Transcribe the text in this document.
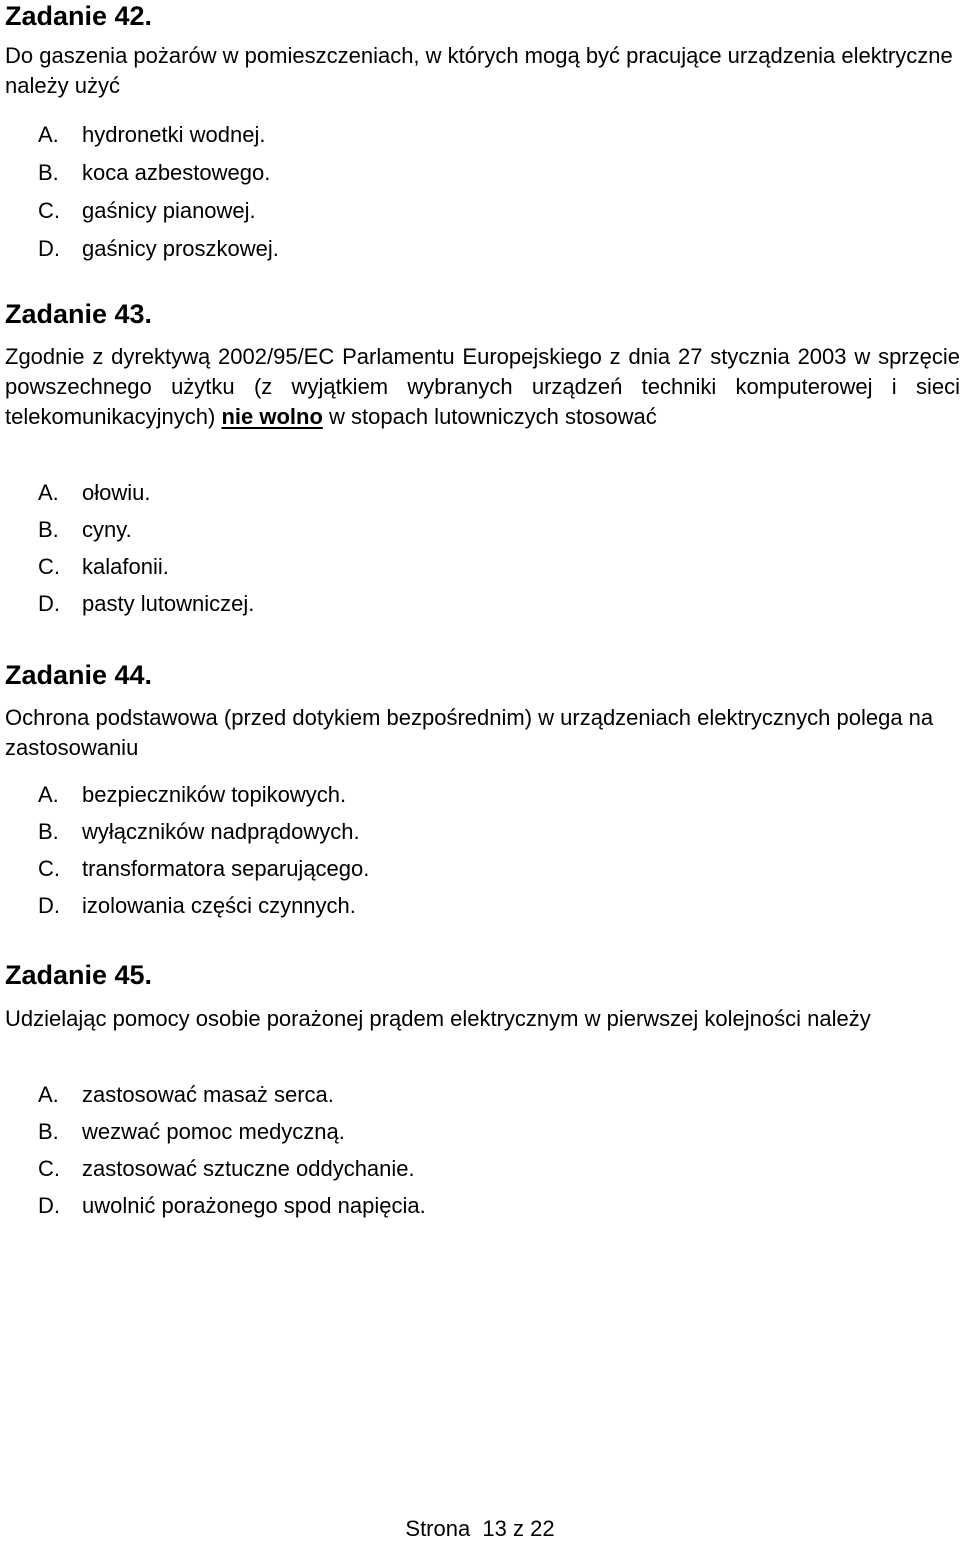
Zadanie 42.

Do gaszenia pożarów w pomieszczeniach, w których mogą być pracujące urządzenia elektryczne należy użyć

A.	hydronetki wodnej.
B.	koca azbestowego.
C.	gaśnicy pianowej.
D.	gaśnicy proszkowej.
Zadanie 43.

Zgodnie z dyrektywą 2002/95/EC Parlamentu Europejskiego z dnia 27 stycznia 2003 w sprzęcie powszechnego użytku (z wyjątkiem wybranych urządzeń techniki komputerowej i sieci telekomunikacyjnych) nie wolno w stopach lutowniczych stosować

A.	ołowiu.
B.	cyny.
C.	kalafonii.
D.	pasty lutowniczej.
Zadanie 44.

Ochrona podstawowa (przed dotykiem bezpośrednim) w urządzeniach elektrycznych polega na zastosowaniu

A.	bezpieczników topikowych.
B.	wyłączników nadprądowych.
C.	transformatora separującego.
D.	izolowania części czynnych.
Zadanie 45.

Udzielając pomocy osobie porażonej prądem elektrycznym w pierwszej kolejności należy

A.	zastosować masaż serca.
B.	wezwać pomoc medyczną.
C.	zastosować sztuczne oddychanie.
D.	uwolnić porażonego spod napięcia.
Strona  13 z 22
